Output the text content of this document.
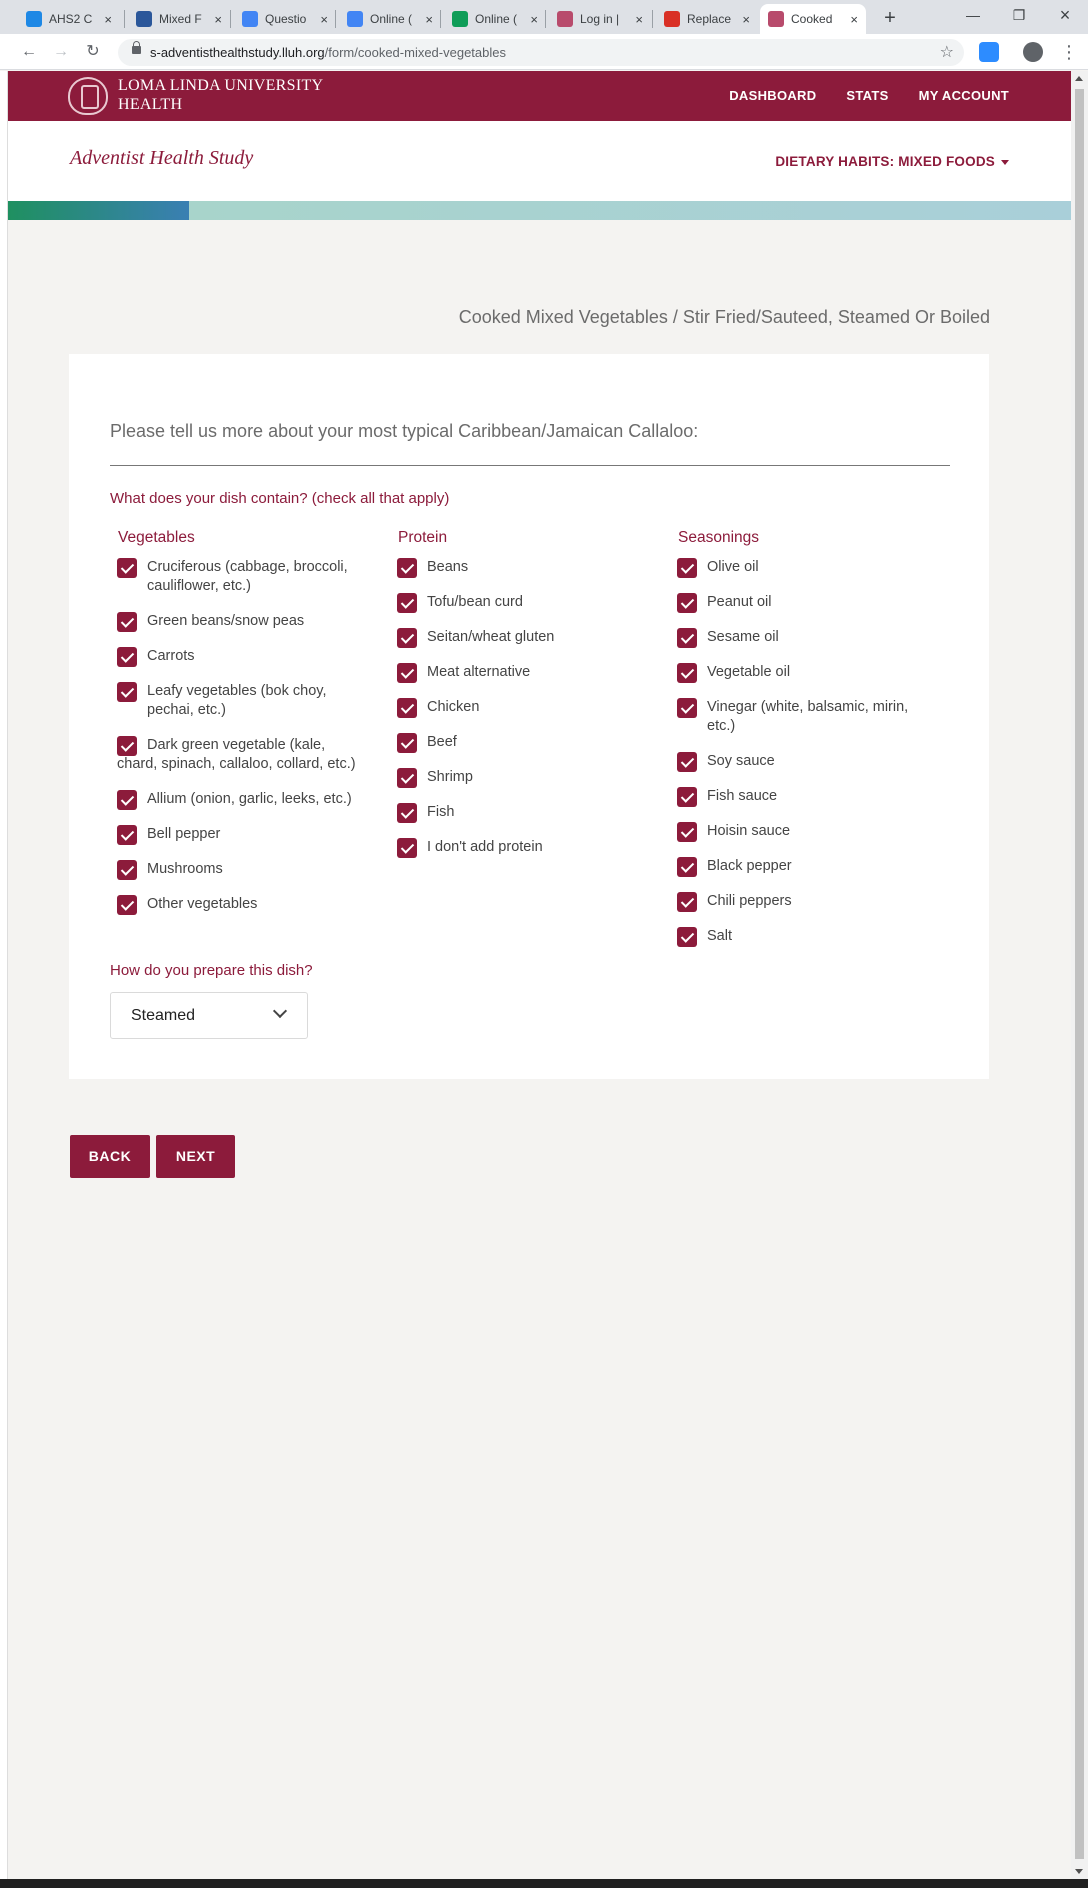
AHS2 C ×	Mixed F ×	Questio	×	Online (	×	Online (	×	Log in |	×	Replace ×	Cooked	×	+	—	❐	×
←	→	↻	s-adventisthealthstudy.lluh.org/form/cooked-mixed-vegetables	☆	⋮
LOMA LINDA UNIVERSITY
HEALTH
DASHBOARD STATS MY ACCOUNT
Adventist Health Study	DIETARY HABITS: MIXED FOODS
Cooked Mixed Vegetables / Stir Fried/Sauteed, Steamed Or Boiled
Please tell us more about your most typical Caribbean/Jamaican Callaloo:
What does your dish contain? (check all that apply)
Vegetables	Protein	Seasonings
Cruciferous (cabbage, broccoli, cauliflower, etc.)
Green beans/snow peas
Carrots
Leafy vegetables (bok choy, pechai, etc.)
Dark green vegetable (kale, chard, spinach, callaloo, collard, etc.)
Allium (onion, garlic, leeks, etc.)
Bell pepper
Mushrooms
Other vegetables
Beans
Tofu/bean curd
Seitan/wheat gluten
Meat alternative
Chicken
Beef
Shrimp
Fish
I don't add protein
Olive oil
Peanut oil
Sesame oil
Vegetable oil
Vinegar (white, balsamic, mirin, etc.)
Soy sauce
Fish sauce
Hoisin sauce
Black pepper
Chili peppers
Salt
How do you prepare this dish?
Steamed
BACK	NEXT
